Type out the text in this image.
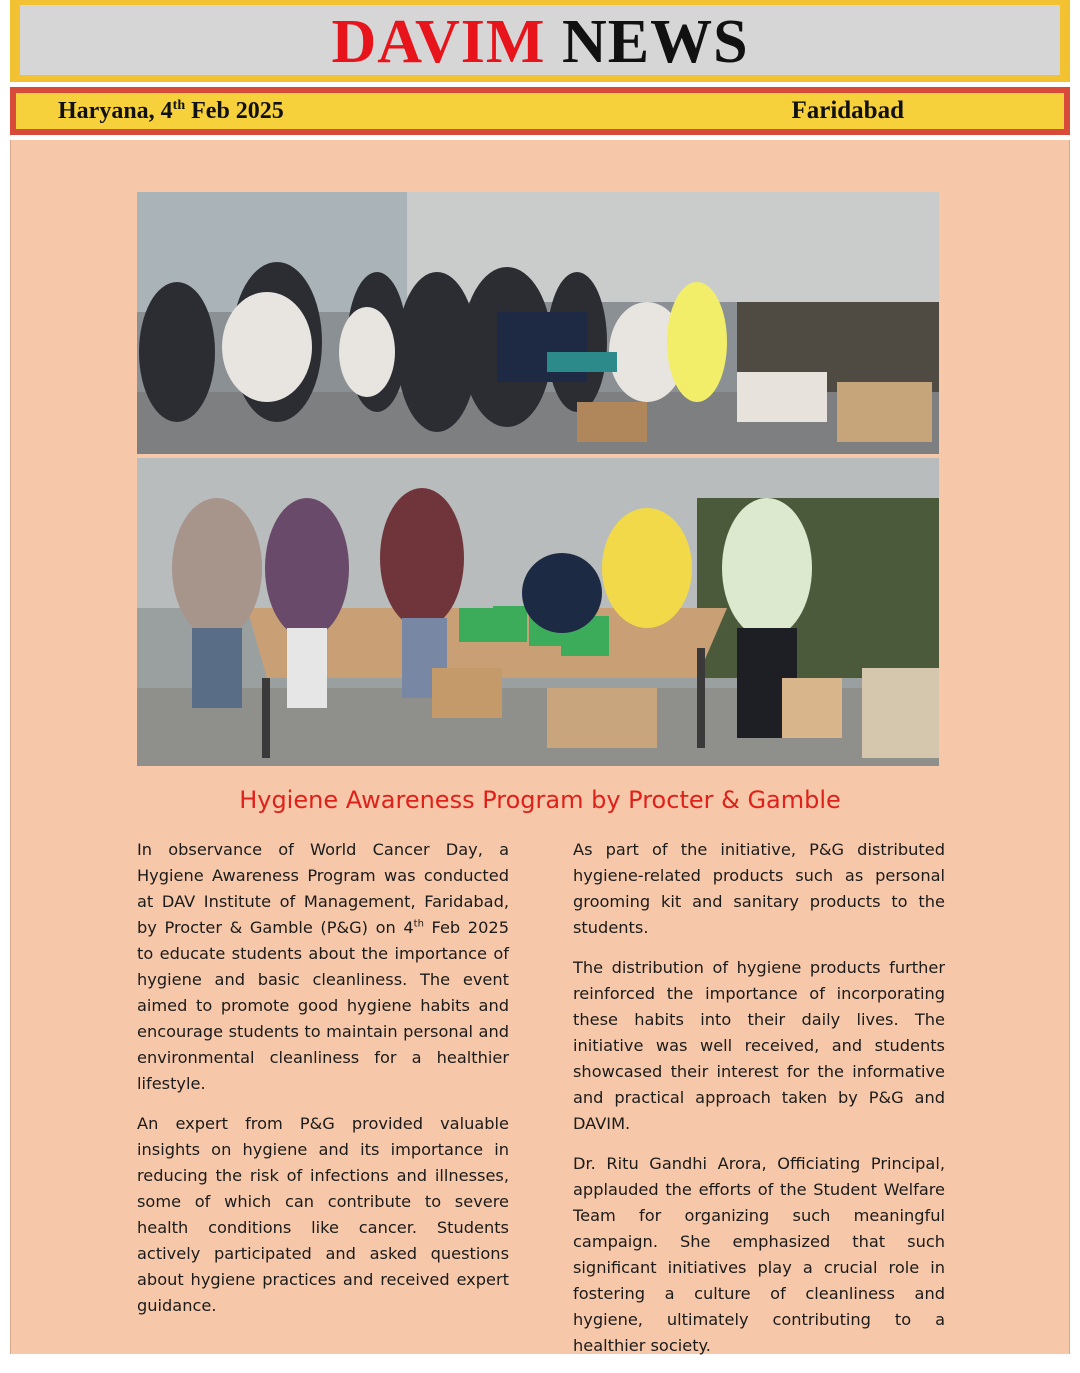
DAVIM NEWS
Haryana, 4th Feb 2025	Faridabad
Hygiene Awareness Program by Procter & Gamble

In observance of World Cancer Day, a Hygiene Awareness Program was conducted at DAV Institute of Management, Faridabad, by Procter & Gamble (P&G) on 4th Feb 2025 to educate students about the importance of hygiene and basic cleanliness. The event aimed to promote good hygiene habits and encourage students to maintain personal and environmental cleanliness for a healthier lifestyle.

An expert from P&G provided valuable insights on hygiene and its importance in reducing the risk of infections and illnesses, some of which can contribute to severe health conditions like cancer. Students actively participated and asked questions about hygiene practices and received expert guidance.

As part of the initiative, P&G distributed hygiene-related products such as personal grooming kit and sanitary products to the students.

The distribution of hygiene products further reinforced the importance of incorporating these habits into their daily lives. The initiative was well received, and students showcased their interest for the informative and practical approach taken by P&G and DAVIM.

Dr. Ritu Gandhi Arora, Officiating Principal, applauded the efforts of the Student Welfare Team for organizing such meaningful campaign. She emphasized that such significant initiatives play a crucial role in fostering a culture of cleanliness and hygiene, ultimately contributing to a healthier society.
